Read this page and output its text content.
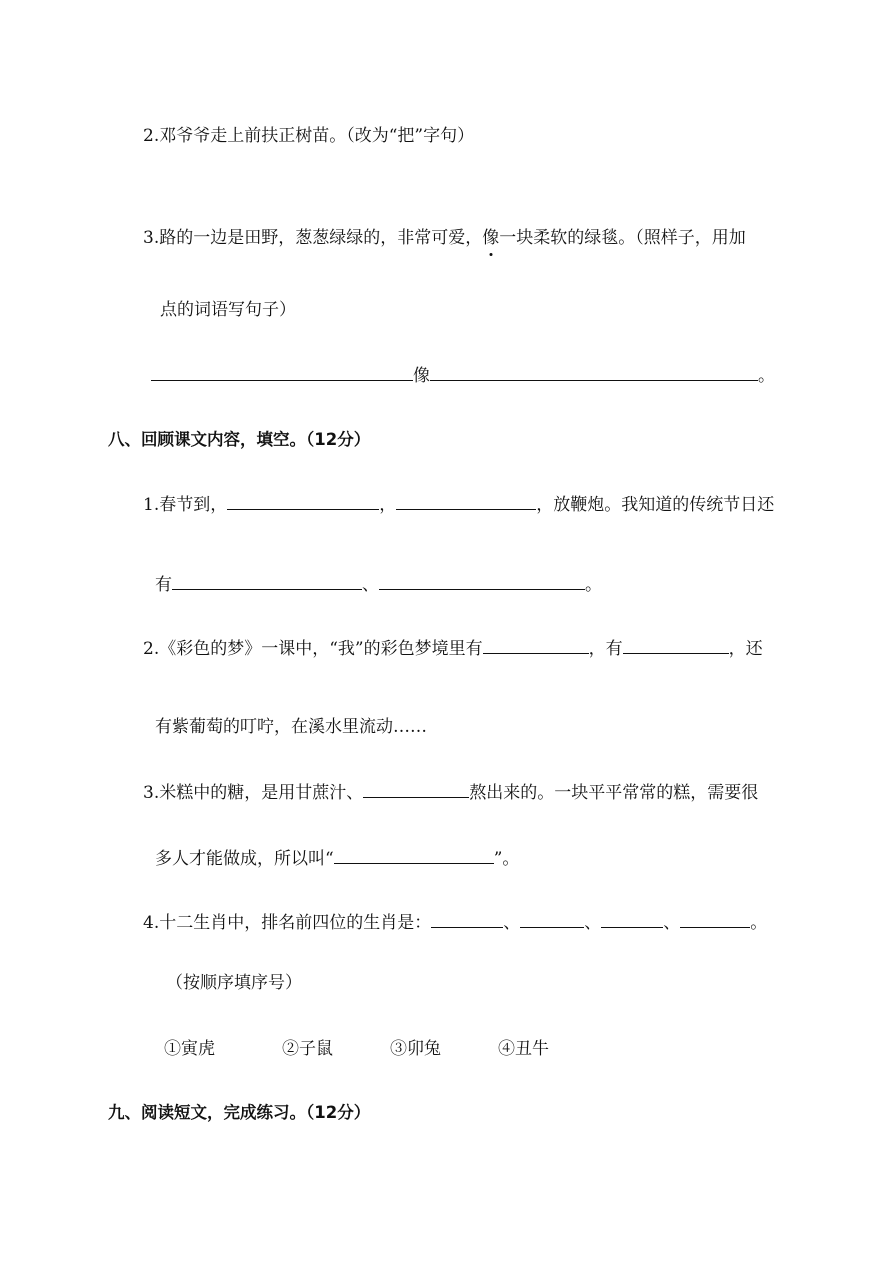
2.邓爷爷走上前扶正树苗。（改为“把”字句）
3.路的一边是田野，葱葱绿绿的，非常可爱，像一块柔软的绿毯。（照样子，用加
点的词语写句子）
像	。
八、回顾课文内容，填空。（12分）
1.春节到，	，	，放鞭炮。我知道的传统节日还
有	、	。
2.《彩色的梦》一课中，“我”的彩色梦境里有	，有	，还
有紫葡萄的叮咛，在溪水里流动……
3.米糕中的糖，是用甘蔗汁、	熬出来的。一块平平常常的糕，需要很
多人才能做成，所以叫“	”。
4.十二生肖中，排名前四位的生肖是：	、	、	、	。
（按顺序填序号）
①寅虎	②子鼠	③卯兔	④丑牛
九、阅读短文，完成练习。（12分）
